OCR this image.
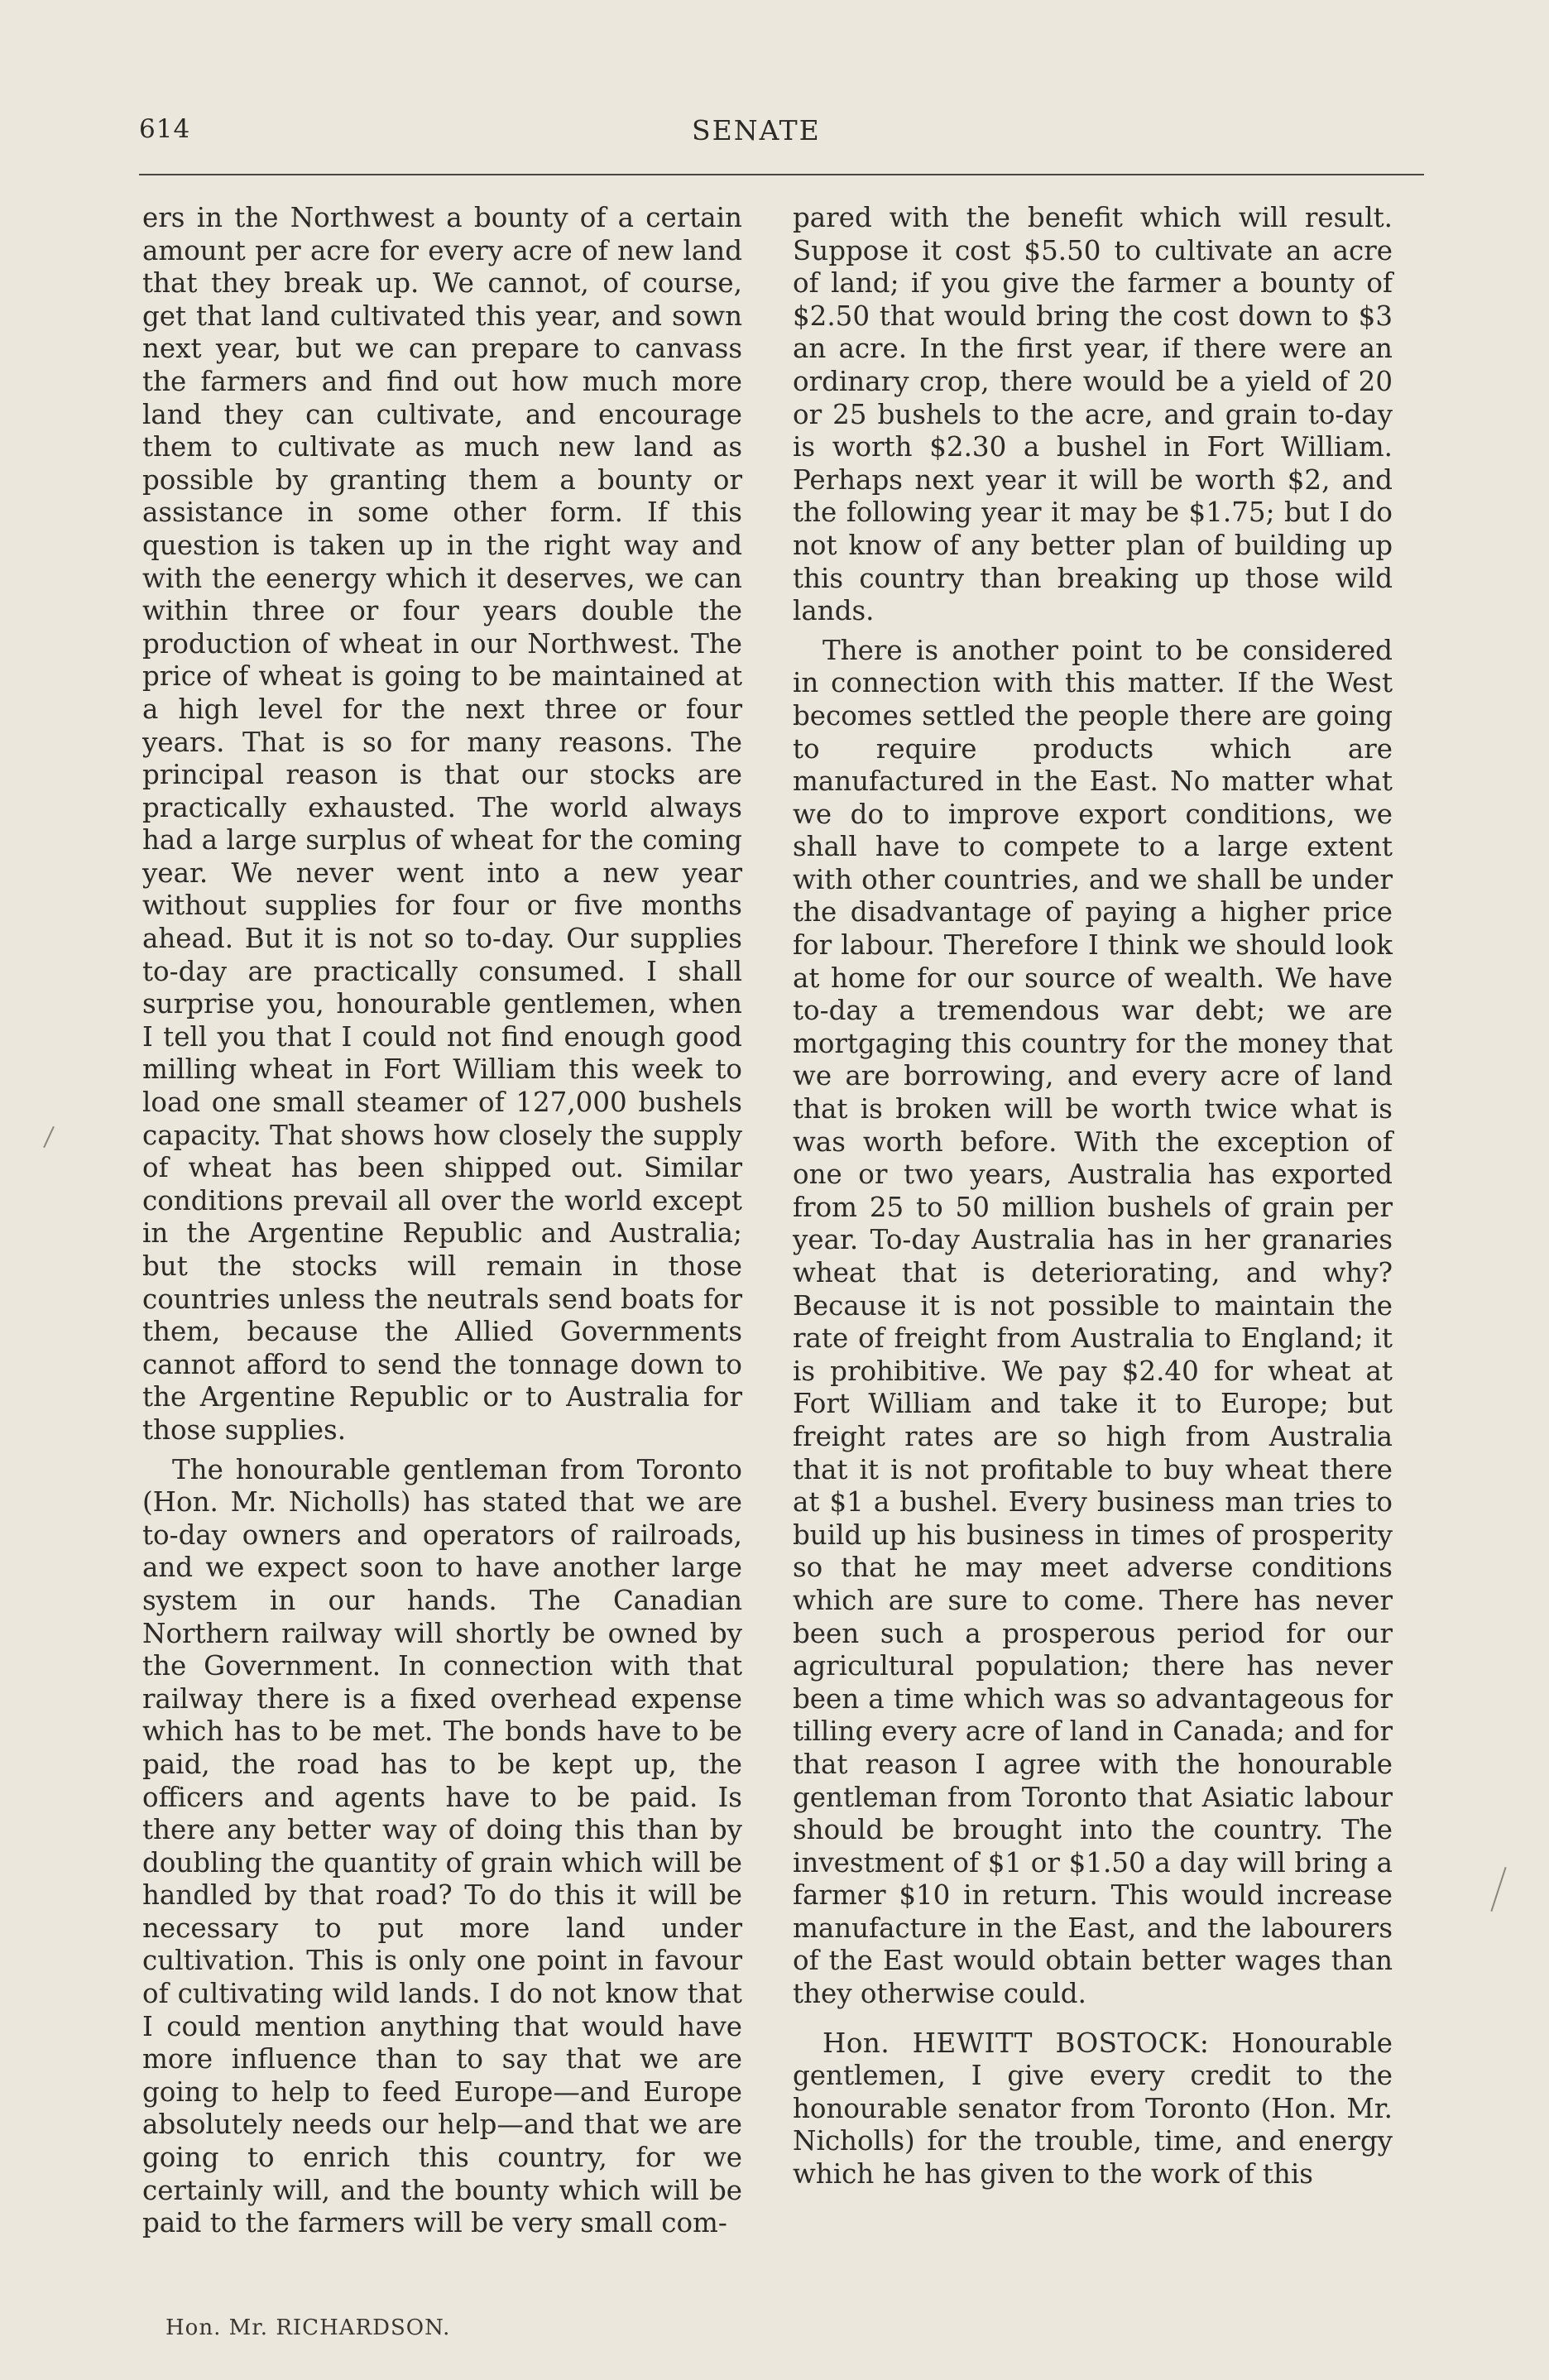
614	SENATE

ers in the Northwest a bounty of a certain amount per acre for every acre of new land that they break up. We cannot, of course, get that land cultivated this year, and sown next year, but we can prepare to canvass the farmers and find out how much more land they can cultivate, and encourage them to cultivate as much new land as possible by granting them a bounty or assistance in some other form. If this question is taken up in the right way and with the eenergy which it deserves, we can within three or four years double the production of wheat in our Northwest. The price of wheat is going to be maintained at a high level for the next three or four years. That is so for many reasons. The principal reason is that our stocks are practically exhausted. The world always had a large surplus of wheat for the coming year. We never went into a new year without supplies for four or five months ahead. But it is not so to-day. Our supplies to-day are practically consumed. I shall surprise you, honourable gentlemen, when I tell you that I could not find enough good milling wheat in Fort William this week to load one small steamer of 127,000 bushels capacity. That shows how closely the supply of wheat has been shipped out. Similar conditions prevail all over the world except in the Argentine Republic and Australia; but the stocks will remain in those countries unless the neutrals send boats for them, because the Allied Governments cannot afford to send the tonnage down to the Argentine Republic or to Australia for those supplies.

The honourable gentleman from Toronto (Hon. Mr. Nicholls) has stated that we are to-day owners and operators of railroads, and we expect soon to have another large system in our hands. The Canadian Northern railway will shortly be owned by the Government. In connection with that railway there is a fixed overhead expense which has to be met. The bonds have to be paid, the road has to be kept up, the officers and agents have to be paid. Is there any better way of doing this than by doubling the quantity of grain which will be handled by that road? To do this it will be necessary to put more land under cultivation. This is only one point in favour of cultivating wild lands. I do not know that I could mention anything that would have more influence than to say that we are going to help to feed Europe—and Europe absolutely needs our help—and that we are going to enrich this country, for we certainly will, and the bounty which will be paid to the farmers will be very small com-

pared with the benefit which will result. Suppose it cost $5.50 to cultivate an acre of land; if you give the farmer a bounty of $2.50 that would bring the cost down to $3 an acre. In the first year, if there were an ordinary crop, there would be a yield of 20 or 25 bushels to the acre, and grain to-day is worth $2.30 a bushel in Fort William. Perhaps next year it will be worth $2, and the following year it may be $1.75; but I do not know of any better plan of building up this country than breaking up those wild lands.

There is another point to be considered in connection with this matter. If the West becomes settled the people there are going to require products which are manufactured in the East. No matter what we do to improve export conditions, we shall have to compete to a large extent with other countries, and we shall be under the disadvantage of paying a higher price for labour. Therefore I think we should look at home for our source of wealth. We have to-day a tremendous war debt; we are mortgaging this country for the money that we are borrowing, and every acre of land that is broken will be worth twice what is was worth before. With the exception of one or two years, Australia has exported from 25 to 50 million bushels of grain per year. To-day Australia has in her granaries wheat that is deteriorating, and why? Because it is not possible to maintain the rate of freight from Australia to England; it is prohibitive. We pay $2.40 for wheat at Fort William and take it to Europe; but freight rates are so high from Australia that it is not profitable to buy wheat there at $1 a bushel. Every business man tries to build up his business in times of prosperity so that he may meet adverse conditions which are sure to come. There has never been such a prosperous period for our agricultural population; there has never been a time which was so advantageous for tilling every acre of land in Canada; and for that reason I agree with the honourable gentleman from Toronto that Asiatic labour should be brought into the country. The investment of $1 or $1.50 a day will bring a farmer $10 in return. This would increase manufacture in the East, and the labourers of the East would obtain better wages than they otherwise could.

Hon. HEWITT BOSTOCK: Honourable gentlemen, I give every credit to the honourable senator from Toronto (Hon. Mr. Nicholls) for the trouble, time, and energy which he has given to the work of this

Hon. Mr. RICHARDSON.
